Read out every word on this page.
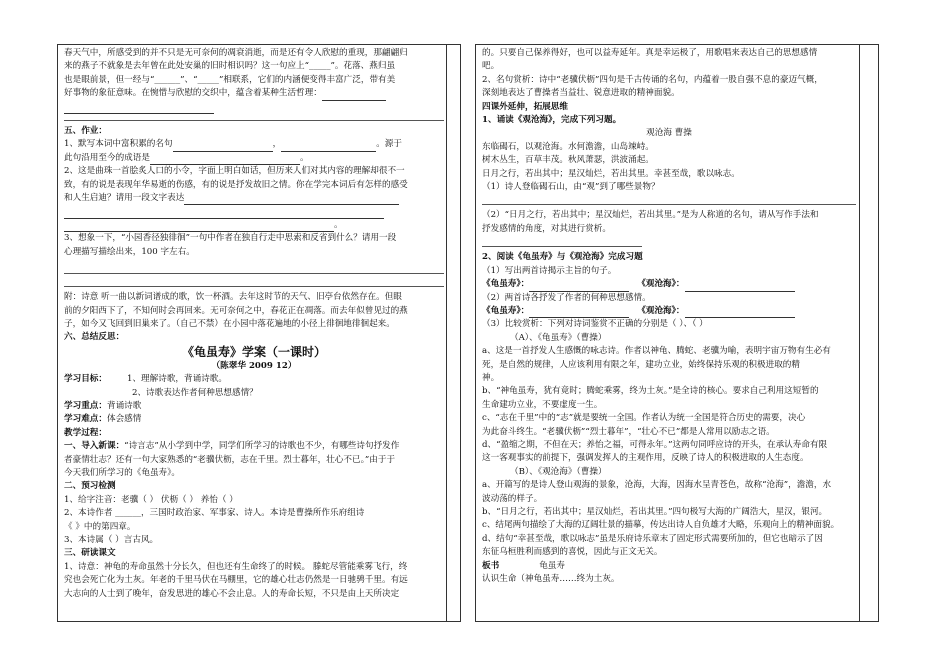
春天气中，所感受到的并不只是无可奈何的凋衰消逝，而是还有令人欣慰的重现，那翩翩归

来的燕子不就象是去年曾在此处安巢的旧时相识吗？这一句应上“_____”。花落、燕归虽

也是眼前景，但一经与“______”、“_____”相联系，它们的内涵便变得丰富广泛，带有美

好事物的象征意味。在惋惜与欣慰的交织中，蕴含着某种生活哲理：

五、作业：

1、默写本词中富积累的名句	，	。源于

此句沿用至今的成语是	。

2、这是曲珠一首脍炙人口的小令，字面上明白如话，但历来人们对其内容的理解却很不一

致，有的说是表现年华易逝的伤感，有的说是抒发故旧之情。你在学完本词后有怎样的感受

和人生启迪？请用一段文字表达

。

3、想象一下，“小园香径独徘徊”一句中作者在独自行走中思索和反省到什么？请用一段

心理描写描绘出来，100 字左右。

附：诗意 听一曲以新词谱成的歌，饮一杯酒。去年这时节的天气、旧亭台依然存在。但眼

前的夕阳西下了，不知何时会再回来。无可奈何之中，春花正在凋落。而去年似曾见过的燕

子，如今又飞回到旧巢来了。（自己不禁）在小园中落花遍地的小径上徘徊地徘徊起来。

六、总结反思：

《龟虽寿》学案（一课时）

（陈翠华 2009 12）

学习目标： 1、理解诗歌，背诵诗歌。

2、诗歌表达作者何种思想感情？

学习重点：背诵诗歌

学习难点：体会感情

教学过程：

一、导入新课：“诗言志”从小学到中学，同学们所学习的诗歌也不少，有哪些诗句抒发作

者豪情壮志？还有一句大家熟悉的“老骥伏枥，志在千里。烈士暮年，壮心不已。”由于于

今天我们所学习的《龟虽寿》。

二、预习检测

1、给字注音：老骥（ ） 伏枥（ ） 养怡（ ）

2、本诗作者 ______，三国时政治家、军事家、诗人。本诗是曹操所作乐府组诗

《 》中的第四章。

3、本诗属（ ）言古风。

三、研读课文

1、诗意：神龟的寿命虽然十分长久，但也还有生命终了的时候。 滕蛇尽管能乘雾飞行，终

究也会死亡化为土灰。年老的千里马伏在马棚里，它的雄心壮志仍然是一日驰骋千里。有远

大志向的人士到了晚年，奋发思进的雄心不会止息。人的寿命长短，不只是由上天所决定

的。只要自己保养得好，也可以益寿延年。真是幸运极了，用歌唱来表达自己的思想感情

吧。

2、名句赏析：诗中“老骥伏枥”四句是千古传诵的名句，内蕴着一股自强不息的豪迈气概，

深刻地表达了曹操者当益壮、锐意进取的精神面貌。

四课外延伸，拓展思维

1、诵读《观沧海》，完成下列习题。

观沧海 曹操

东临碣石，以观沧海。水何澹澹，山岛竦峙。

树木丛生，百草丰茂。秋风萧瑟，洪波涌起。

日月之行，若出其中；星汉灿烂，若出其里。幸甚至哉，歌以咏志。

（1）诗人登临碣石山，由“观”到了哪些景物？

（2）“日月之行，若出其中；星汉灿烂，若出其里。”是为人称道的名句，请从写作手法和

抒发感情的角度，对其进行赏析。

2、阅读《龟虽寿》与《观沧海》完成习题

（1）写出两首诗揭示主旨的句子。

《龟虽寿》：	《观沧海》：

（2）两首诗各抒发了作者的何种思想感情。

《龟虽寿》：	《观沧海》：

（3）比较赏析：下列对诗词鉴赏不正确的分别是（ ）、（ ）

（A）、《龟虽寿》（曹操）

a、这是一首抒发人生感慨的咏志诗。作者以神龟、腾蛇、老骥为喻，表明宇宙万物有生必有

死，是自然的规律，人应该利用有限之年，建功立业，始终保持乐观的积极进取的精

神。

b、“神龟虽寿，犹有竟时；腾蛇乘雾，终为土灰。”是全诗的核心。要求自己利用这短暂的

生命建功立业，不要虚度一生。

c、“志在千里”中的“志”就是要统一全国。作者认为统一全国是符合历史的需要，决心

为此奋斗终生。“老骥伏枥”“烈士暮年”，“壮心不已”都是人常用以励志之语。

d、“盈缩之期，不但在天；养怡之福，可得永年。”这两句同呼应诗的开头，在承认寿命有限

这一客观事实的前提下，强调发挥人的主观作用，反映了诗人的积极进取的人生态度。

（B）、《观沧海》（曹操）

a、开篇写的是诗人登山观海的景象，沧海，大海，因海水呈青苍色，故称“沧海”，澹澹，水

波动荡的样子。

b、“日月之行，若出其中；星汉灿烂，若出其里。”四句极写大海的广阔浩大，星汉，银河。

c、结尾两句描绘了大海的辽阔壮景的描摹，传达出诗人自负雄才大略，乐观向上的精神面貌。

d、结句“幸甚至哉，歌以咏志”虽是乐府诗乐章末了固定形式需要所加的，但它也暗示了因

东征乌桓胜利而感到的喜悦，因此与正文无关。

板书	龟虽寿

认识生命（神龟虽寿……终为土灰。
